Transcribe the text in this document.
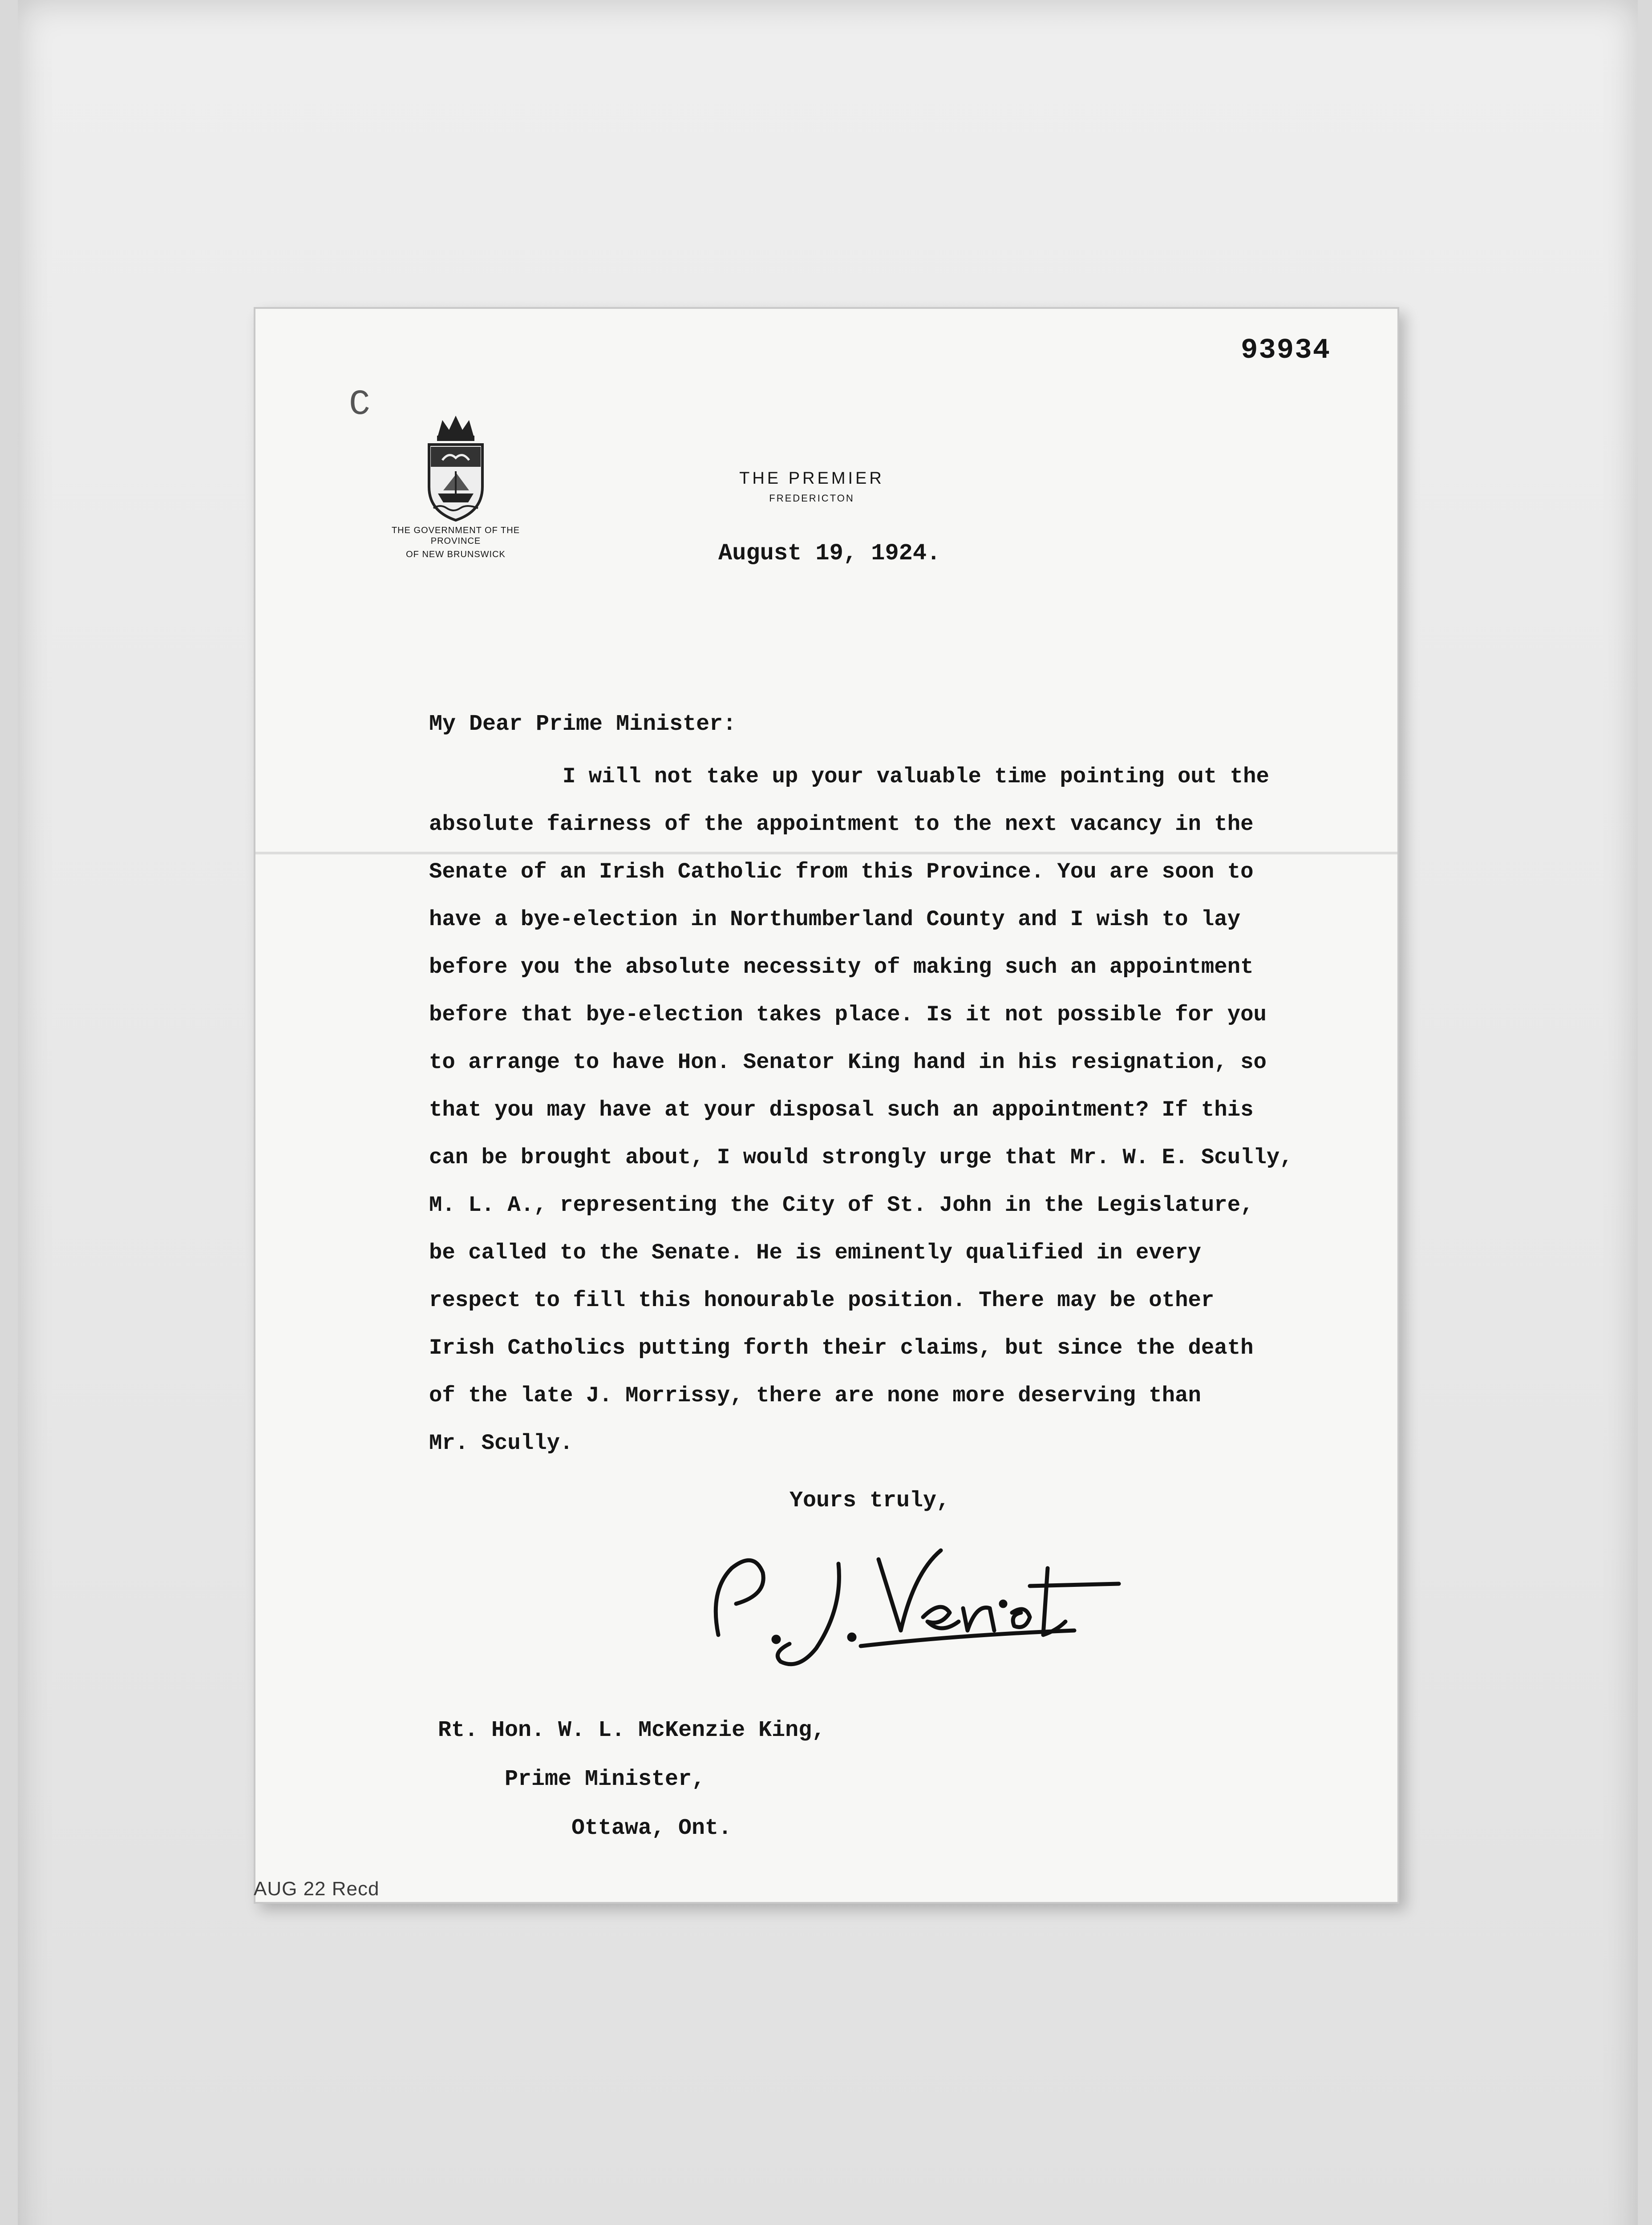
93934
C
THE GOVERNMENT OF THE PROVINCE
OF NEW BRUNSWICK
THE PREMIER
FREDERICTON
August 19, 1924.
My Dear Prime Minister:
I will not take up your valuable time pointing out the
absolute fairness of the appointment to the next vacancy in the
Senate of an Irish Catholic from this Province. You are soon to
have a bye-election in Northumberland County and I wish to lay
before you the absolute necessity of making such an appointment
before that bye-election takes place. Is it not possible for you
to arrange to have Hon. Senator King hand in his resignation, so
that you may have at your disposal such an appointment? If this
can be brought about, I would strongly urge that Mr. W. E. Scully,
M. L. A., representing the City of St. John in the Legislature,
be called to the Senate. He is eminently qualified in every
respect to fill this honourable position. There may be other
Irish Catholics putting forth their claims, but since the death
of the late J. Morrissy, there are none more deserving than
Mr. Scully.
Yours truly,
Rt. Hon. W. L. McKenzie King,
Prime Minister,
Ottawa, Ont.
AUG 22 Recd
